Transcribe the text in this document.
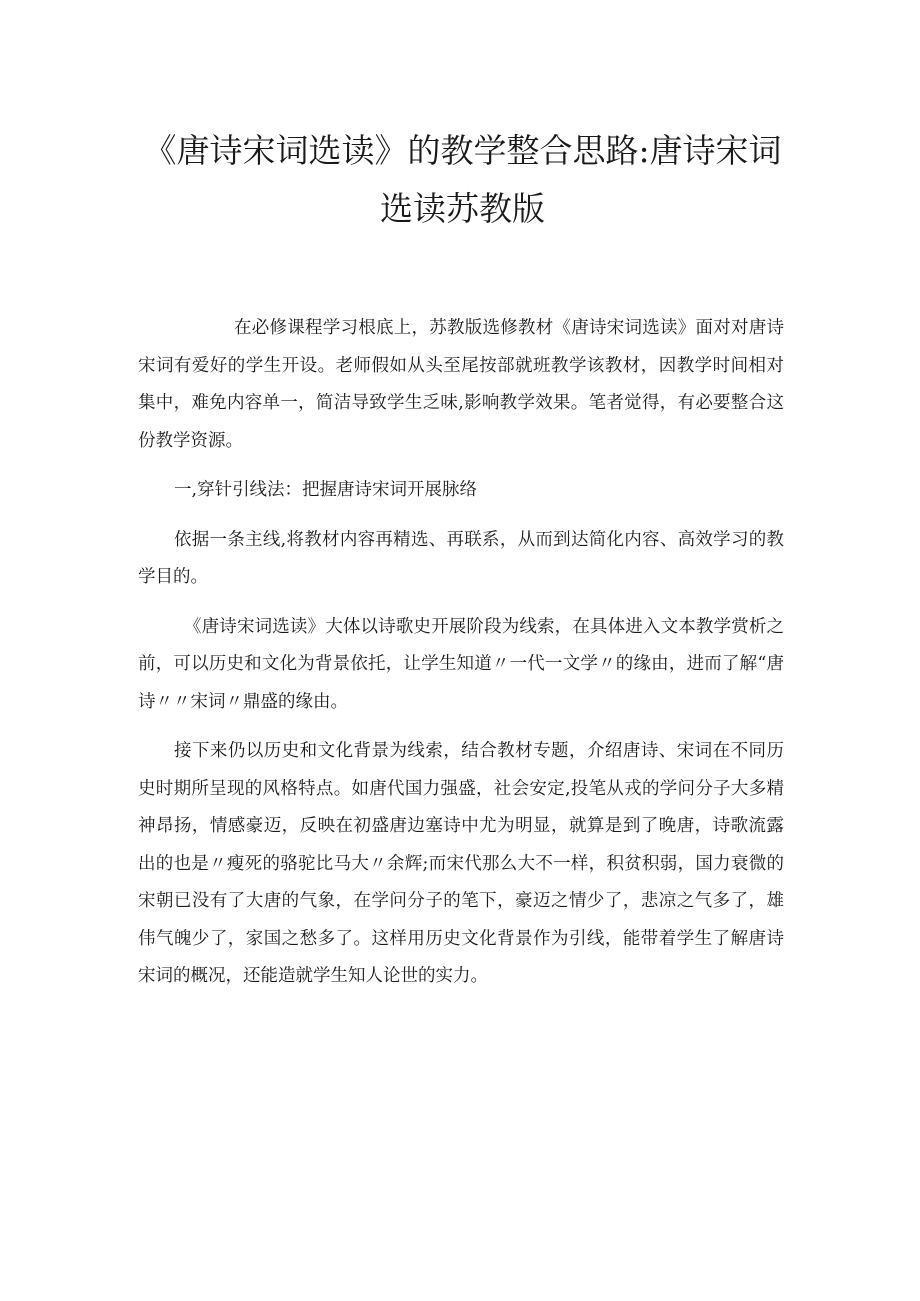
《唐诗宋词选读》的教学整合思路:唐诗宋词选读苏教版

在必修课程学习根底上，苏教版选修教材《唐诗宋词选读》面对对唐诗宋词有爱好的学生开设。老师假如从头至尾按部就班教学该教材，因教学时间相对集中，难免内容单一，简洁导致学生乏味,影响教学效果。笔者觉得，有必要整合这份教学资源。

一,穿针引线法：把握唐诗宋词开展脉络

依据一条主线,将教材内容再精选、再联系，从而到达简化内容、高效学习的教学目的。

《唐诗宋词选读》大体以诗歌史开展阶段为线索，在具体进入文本教学赏析之前，可以历史和文化为背景依托，让学生知道〃一代一文学〃的缘由，进而了解“唐诗〃〃宋词〃鼎盛的缘由。

接下来仍以历史和文化背景为线索，结合教材专题，介绍唐诗、宋词在不同历史时期所呈现的风格特点。如唐代国力强盛，社会安定,投笔从戎的学问分子大多精神昂扬，情感豪迈，反映在初盛唐边塞诗中尤为明显，就算是到了晚唐，诗歌流露出的也是〃瘦死的骆驼比马大〃余辉;而宋代那么大不一样，积贫积弱，国力衰微的宋朝已没有了大唐的气象，在学问分子的笔下，豪迈之情少了，悲凉之气多了，雄伟气魄少了，家国之愁多了。这样用历史文化背景作为引线，能带着学生了解唐诗宋词的概况，还能造就学生知人论世的实力。
